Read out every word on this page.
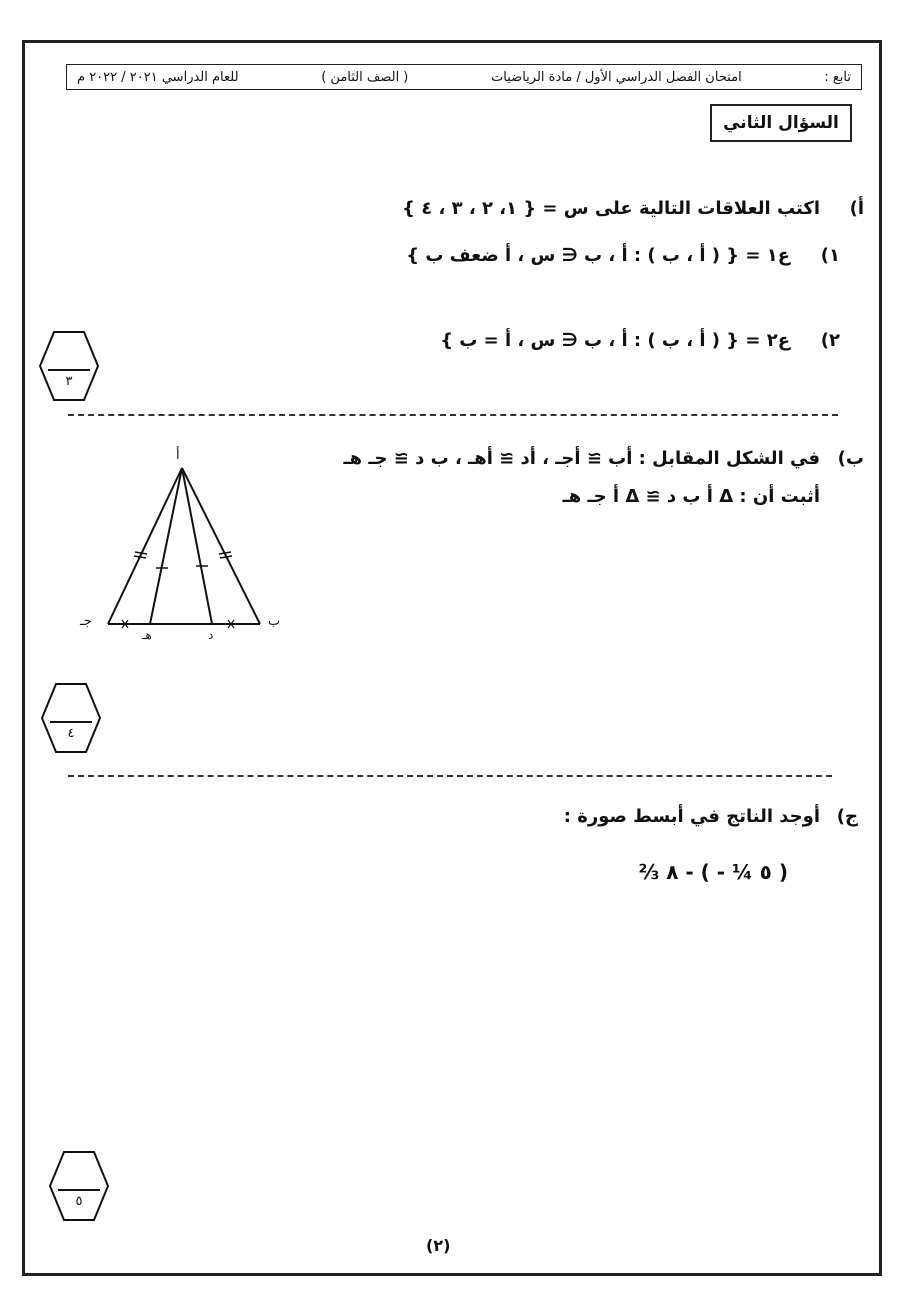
تابع :
امتحان الفصل الدراسي الأول / مادة الرياضيات
( الصف الثامن )
للعام الدراسي ٢٠٢١ / ٢٠٢٢ م
السؤال الثاني
أ)
اكتب العلاقات التالية على س = { ١، ٢ ، ٣ ، ٤ }
١)
ع١ = { ( أ ، ب ) : أ ، ب ∈ س ، أ ضعف ب }
٢)
ع٢ = { ( أ ، ب ) : أ ، ب ∈ س ، أ = ب }
٣
ب)
في الشكل المقابل : أب ≅ أجـ ، أد ≅ أهـ ، ب د ≅ جـ هـ
أثبت أن : Δ أ ب د ≅ Δ أ جـ هـ
أ
جـ	ب
هـ	د
٤
ج)
أوجد الناتج في أبسط صورة :
( ٥ ¼ - ) - ٨ ⅔
٥
(٢)
